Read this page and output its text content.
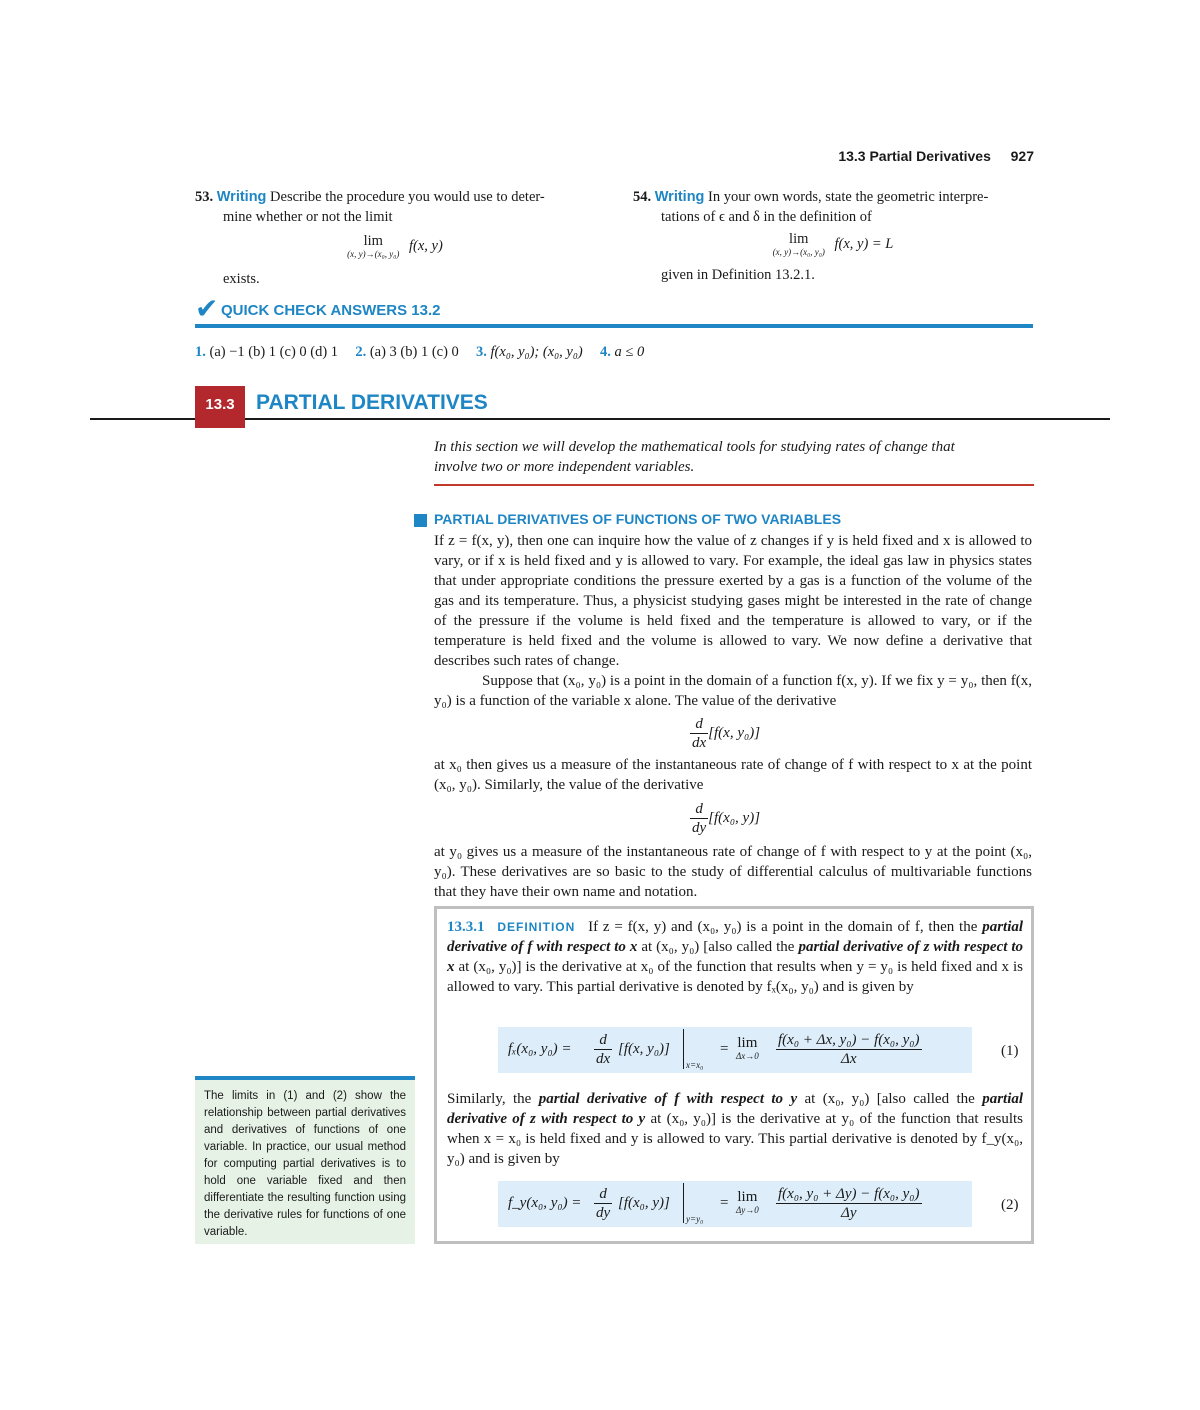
13.3 Partial Derivatives 927
53. Writing Describe the procedure you would use to deter-
mine whether or not the limit
lim
(x, y)→(x₀, y₀) f(x, y)
exists.
54. Writing In your own words, state the geometric interpre-
tations of ϵ and δ in the definition of
lim
(x, y)→(x₀, y₀) f(x, y) = L
given in Definition 13.2.1.
✔ QUICK CHECK ANSWERS 13.2
1. (a) −1 (b) 1 (c) 0 (d) 1 2. (a) 3 (b) 1 (c) 0 3. f(x₀, y₀); (x₀, y₀) 4. a ≤ 0
13.3	PARTIAL DERIVATIVES
In this section we will develop the mathematical tools for studying rates of change that
involve two or more independent variables.
PARTIAL DERIVATIVES OF FUNCTIONS OF TWO VARIABLES
If z = f(x, y), then one can inquire how the value of z changes if y is held fixed and x is allowed to vary, or if x is held fixed and y is allowed to vary. For example, the ideal gas law in physics states that under appropriate conditions the pressure exerted by a gas is a function of the volume of the gas and its temperature. Thus, a physicist studying gases might be interested in the rate of change of the pressure if the volume is held fixed and the temperature is allowed to vary, or if the temperature is held fixed and the volume is allowed to vary. We now define a derivative that describes such rates of change.
Suppose that (x₀, y₀) is a point in the domain of a function f(x, y). If we fix y = y₀, then f(x, y₀) is a function of the variable x alone. The value of the derivative
$\frac{d}{dx} [f(x$, y₀)]
at x₀ then gives us a measure of the instantaneous rate of change of f with respect to x at the point (x₀, y₀). Similarly, the value of the derivative
$\frac{d}{dy} [f(x_0$, y)]
at y₀ gives us a measure of the instantaneous rate of change of f with respect to y at the point (x₀, y₀). These derivatives are so basic to the study of differential calculus of multivariable functions that they have their own name and notation.
13.3.1 DEFINITION If z = f(x, y) and (x₀, y₀) is a point in the domain of f, then the partial derivative of f with respect to x at (x₀, y₀) [also called the partial derivative of z with respect to x at (x₀, y₀)] is the derivative at x₀ of the function that results when y = y₀ is held fixed and x is allowed to vary. This partial derivative is denoted by fₓ(x₀, y₀) and is given by
fₓ(x₀, $y_0) = \frac{d}{dx} [f(x$, y₀)]
x=x₀
= lim
$\Delta x\to 0 \frac{\text{f(x₀ + Δx, y₀) − f(x₀, y₀)}}{\Delta x}$	(1)
Similarly, the partial derivative of f with respect to y at (x₀, y₀) [also called the partial derivative of z with respect to y at (x₀, y₀)] is the derivative at y₀ of the function that results when x = x₀ is held fixed and y is allowed to vary. This partial derivative is denoted by f_y(x₀, y₀) and is given by
f_y(x₀, $y_0) = \frac{d}{dy} [f(x_0$, y)]
y=y₀
= lim
$\Delta y\to 0 \frac{\text{f(x₀, y₀ + Δy) − f(x₀, y₀)}}{\Delta y}$	(2)
The limits in (1) and (2) show the relationship between partial derivatives and derivatives of functions of one variable. In practice, our usual method for computing partial derivatives is to hold one variable fixed and then differentiate the resulting function using the derivative rules for functions of one variable.
